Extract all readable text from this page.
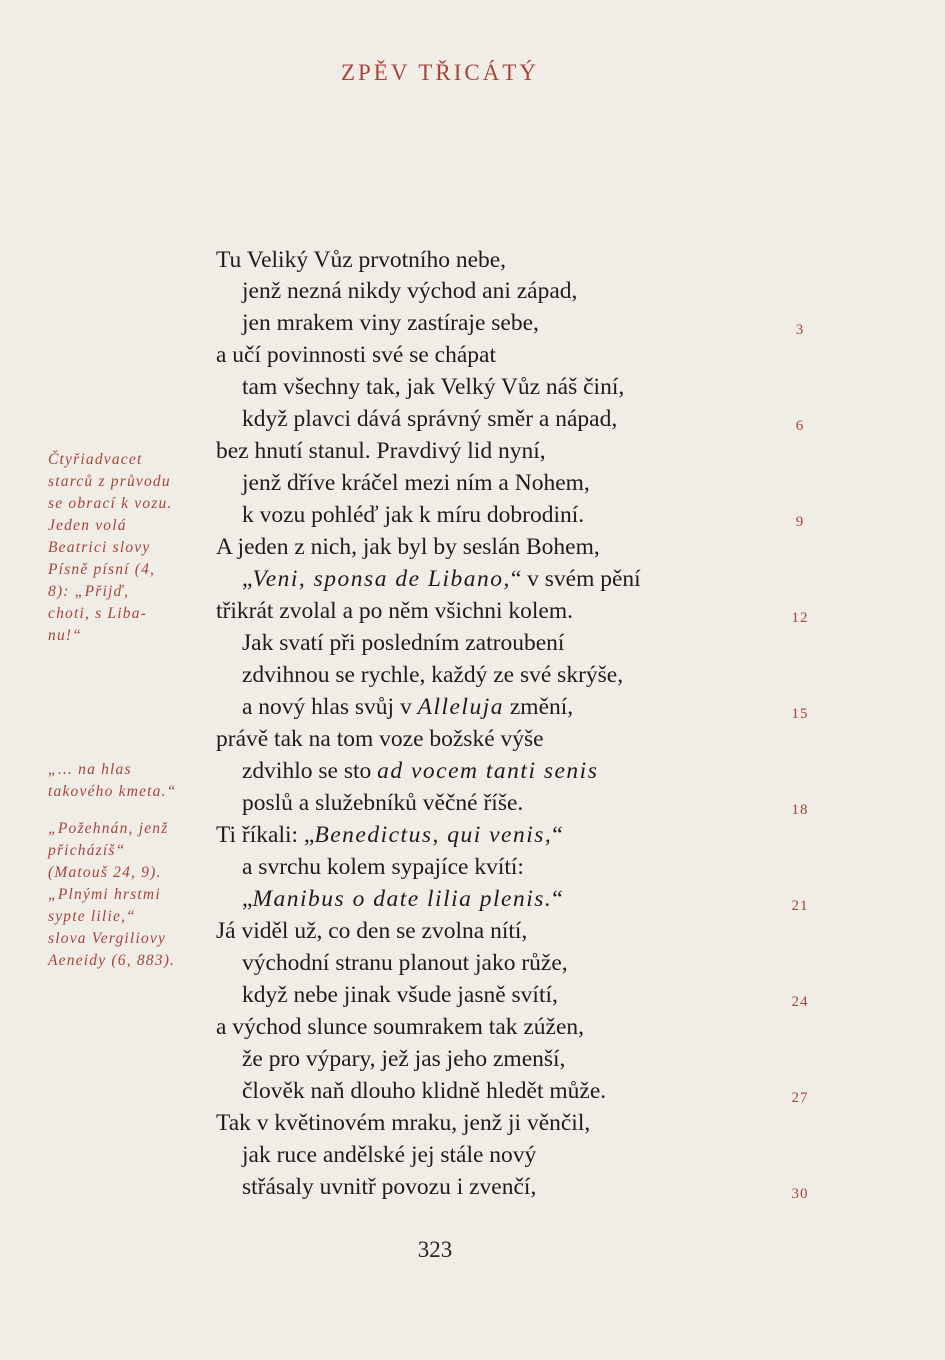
ZPĚV TŘICÁTÝ
Čtyřiadvacet
starců z průvodu
se obrací k vozu.
Jeden volá
Beatrici slovy
Písně písní (4,
8): „Přijď,
choti, s Liba-
nu!“
„... na hlas
takového kmeta.“
„Požehnán, jenž
přicházíš“
(Matouš 24, 9).
„Plnými hrstmi
sypte lilie,“
slova Vergiliovy
Aeneidy (6, 883).
Tu Veliký Vůz prvotního nebe,
jenž nezná nikdy východ ani západ,
jen mrakem viny zastíraje sebe,	3
a učí povinnosti své se chápat
tam všechny tak, jak Velký Vůz náš činí,
když plavci dává správný směr a nápad,	6
bez hnutí stanul. Pravdivý lid nyní,
jenž dříve kráčel mezi ním a Nohem,
k vozu pohléď jak k míru dobrodiní.	9
A jeden z nich, jak byl by seslán Bohem,
„Veni, sponsa de Libano,“ v svém pění
třikrát zvolal a po něm všichni kolem.	12
Jak svatí při posledním zatroubení
zdvihnou se rychle, každý ze své skrýše,
a nový hlas svůj v Alleluja změní,	15
právě tak na tom voze božské výše
zdvihlo se sto ad vocem tanti senis
poslů a služebníků věčné říše.	18
Ti říkali: „Benedictus, qui venis,“
a svrchu kolem sypajíce kvítí:
„Manibus o date lilia plenis.“	21
Já viděl už, co den se zvolna nítí,
východní stranu planout jako růže,
když nebe jinak všude jasně svítí,	24
a východ slunce soumrakem tak zúžen,
že pro výpary, jež jas jeho zmenší,
člověk naň dlouho klidně hledět může.	27
Tak v květinovém mraku, jenž ji věnčil,
jak ruce andělské jej stále nový
střásaly uvnitř povozu i zvenčí,	30
323
